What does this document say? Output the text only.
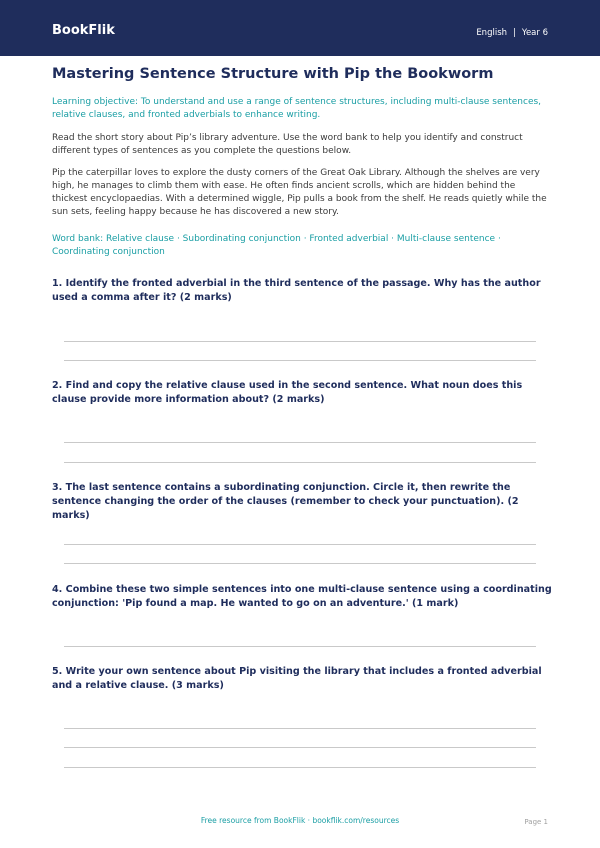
BookFlik	English | Year 6
Mastering Sentence Structure with Pip the Bookworm

Learning objective: To understand and use a range of sentence structures, including multi-clause sentences, relative clauses, and fronted adverbials to enhance writing.

Read the short story about Pip’s library adventure. Use the word bank to help you identify and construct different types of sentences as you complete the questions below.

Pip the caterpillar loves to explore the dusty corners of the Great Oak Library. Although the shelves are very high, he manages to climb them with ease. He often finds ancient scrolls, which are hidden behind the thickest encyclopaedias. With a determined wiggle, Pip pulls a book from the shelf. He reads quietly while the sun sets, feeling happy because he has discovered a new story.

Word bank: Relative clause · Subordinating conjunction · Fronted adverbial · Multi-clause sentence · Coordinating conjunction

1. Identify the fronted adverbial in the third sentence of the passage. Why has the author used a comma after it? (2 marks)
2. Find and copy the relative clause used in the second sentence. What noun does this clause provide more information about? (2 marks)
3. The last sentence contains a subordinating conjunction. Circle it, then rewrite the sentence changing the order of the clauses (remember to check your punctuation). (2 marks)
4. Combine these two simple sentences into one multi-clause sentence using a coordinating conjunction: 'Pip found a map. He wanted to go on an adventure.' (1 mark)
5. Write your own sentence about Pip visiting the library that includes a fronted adverbial and a relative clause. (3 marks)
Free resource from BookFlik · bookflik.com/resources	Page 1
